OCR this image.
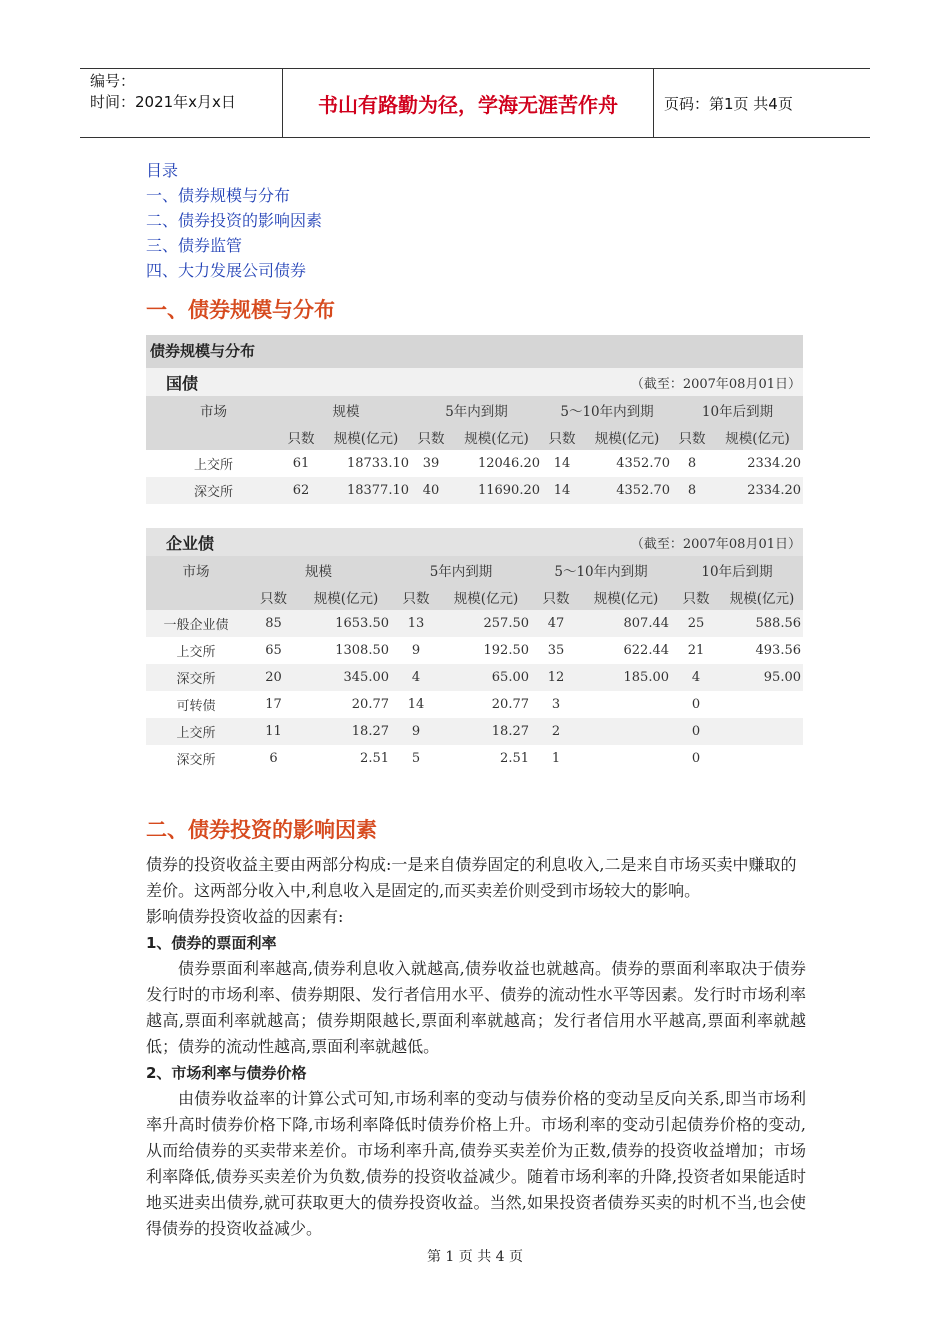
编号：
时间：2021年x月x日	书山有路勤为径，学海无涯苦作舟	页码：第1页 共4页
目录
一、债券规模与分布
二、债券投资的影响因素
三、债券监管
四、大力发展公司债券
一、债券规模与分布
债券规模与分布
国债	（截至：2007年08月01日）
市场	规模		5年内到期		5～10年内到期		10年后到期	
	只数	规模(亿元)	只数	规模(亿元)	只数	规模(亿元)	只数	规模(亿元)
上交所	61	18733.10	39	12046.20	14	4352.70	8	2334.20
深交所	62	18377.10	40	11690.20	14	4352.70	8	2334.20
企业债	（截至：2007年08月01日）
市场	规模		5年内到期		5～10年内到期		10年后到期	
	只数	规模(亿元)	只数	规模(亿元)	只数	规模(亿元)	只数	规模(亿元)
一般企业债	85	1653.50	13	257.50	47	807.44	25	588.56
上交所	65	1308.50	9	192.50	35	622.44	21	493.56
深交所	20	345.00	4	65.00	12	185.00	4	95.00
可转债	17	20.77	14	20.77	3		0	
上交所	11	18.27	9	18.27	2		0	
深交所	6	2.51	5	2.51	1		0	
二、债券投资的影响因素

债券的投资收益主要由两部分构成:一是来自债券固定的利息收入,二是来自市场买卖中赚取的差价。这两部分收入中,利息收入是固定的,而买卖差价则受到市场较大的影响。

影响债券投资收益的因素有:

1、债券的票面利率

债券票面利率越高,债券利息收入就越高,债券收益也就越高。债券的票面利率取决于债券发行时的市场利率、债券期限、发行者信用水平、债券的流动性水平等因素。发行时市场利率越高,票面利率就越高；债券期限越长,票面利率就越高；发行者信用水平越高,票面利率就越低；债券的流动性越高,票面利率就越低。

2、市场利率与债券价格

由债券收益率的计算公式可知,市场利率的变动与债券价格的变动呈反向关系,即当市场利率升高时债券价格下降,市场利率降低时债券价格上升。市场利率的变动引起债券价格的变动,从而给债券的买卖带来差价。市场利率升高,债券买卖差价为正数,债券的投资收益增加；市场利率降低,债券买卖差价为负数,债券的投资收益减少。随着市场利率的升降,投资者如果能适时地买进卖出债券,就可获取更大的债券投资收益。当然,如果投资者债券买卖的时机不当,也会使得债券的投资收益减少。

第 1 页 共 4 页
